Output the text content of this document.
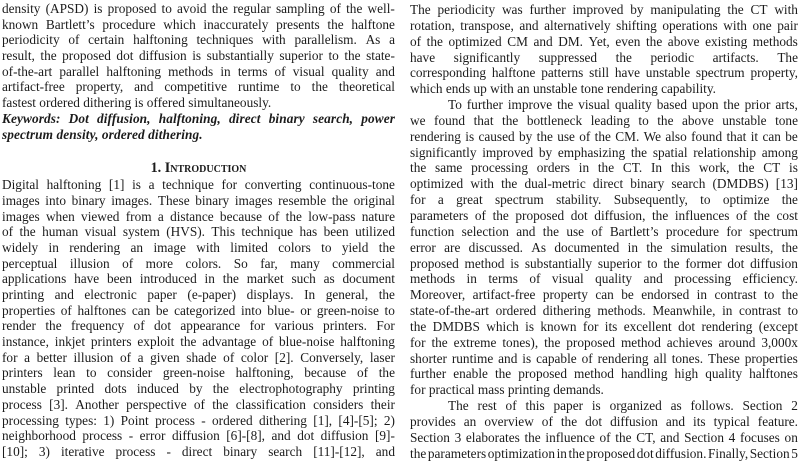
density (APSD) is proposed to avoid the regular sampling of the well-
known Bartlett’s procedure which inaccurately presents the halftone
periodicity of certain halftoning techniques with parallelism. As a
result, the proposed dot diffusion is substantially superior to the state-
of-the-art parallel halftoning methods in terms of visual quality and
artifact-free property, and competitive runtime to the theoretical
fastest ordered dithering is offered simultaneously.
Keywords: Dot diffusion, halftoning, direct binary search, power
spectrum density, ordered dithering.
1. Introduction
Digital halftoning [1] is a technique for converting continuous-tone
images into binary images. These binary images resemble the original
images when viewed from a distance because of the low-pass nature
of the human visual system (HVS). This technique has been utilized
widely in rendering an image with limited colors to yield the
perceptual illusion of more colors. So far, many commercial
applications have been introduced in the market such as document
printing and electronic paper (e-paper) displays. In general, the
properties of halftones can be categorized into blue- or green-noise to
render the frequency of dot appearance for various printers. For
instance, inkjet printers exploit the advantage of blue-noise halftoning
for a better illusion of a given shade of color [2]. Conversely, laser
printers lean to consider green-noise halftoning, because of the
unstable printed dots induced by the electrophotography printing
process [3]. Another perspective of the classification considers their
processing types: 1) Point process - ordered dithering [1], [4]-[5]; 2)
neighborhood process - error diffusion [6]-[8], and dot diffusion [9]-
[10]; 3) iterative process - direct binary search [11]-[12], and
The periodicity was further improved by manipulating the CT with
rotation, transpose, and alternatively shifting operations with one pair
of the optimized CM and DM. Yet, even the above existing methods
have significantly suppressed the periodic artifacts. The
corresponding halftone patterns still have unstable spectrum property,
which ends up with an unstable tone rendering capability.
To further improve the visual quality based upon the prior arts,
we found that the bottleneck leading to the above unstable tone
rendering is caused by the use of the CM. We also found that it can be
significantly improved by emphasizing the spatial relationship among
the same processing orders in the CT. In this work, the CT is
optimized with the dual-metric direct binary search (DMDBS) [13]
for a great spectrum stability. Subsequently, to optimize the
parameters of the proposed dot diffusion, the influences of the cost
function selection and the use of Bartlett’s procedure for spectrum
error are discussed. As documented in the simulation results, the
proposed method is substantially superior to the former dot diffusion
methods in terms of visual quality and processing efficiency.
Moreover, artifact-free property can be endorsed in contrast to the
state-of-the-art ordered dithering methods. Meanwhile, in contrast to
the DMDBS which is known for its excellent dot rendering (except
for the extreme tones), the proposed method achieves around 3,000x
shorter runtime and is capable of rendering all tones. These properties
further enable the proposed method handling high quality halftones
for practical mass printing demands.
The rest of this paper is organized as follows. Section 2
provides an overview of the dot diffusion and its typical feature.
Section 3 elaborates the influence of the CT, and Section 4 focuses on
the parameters optimization in the proposed dot diffusion. Finally, Section 5
